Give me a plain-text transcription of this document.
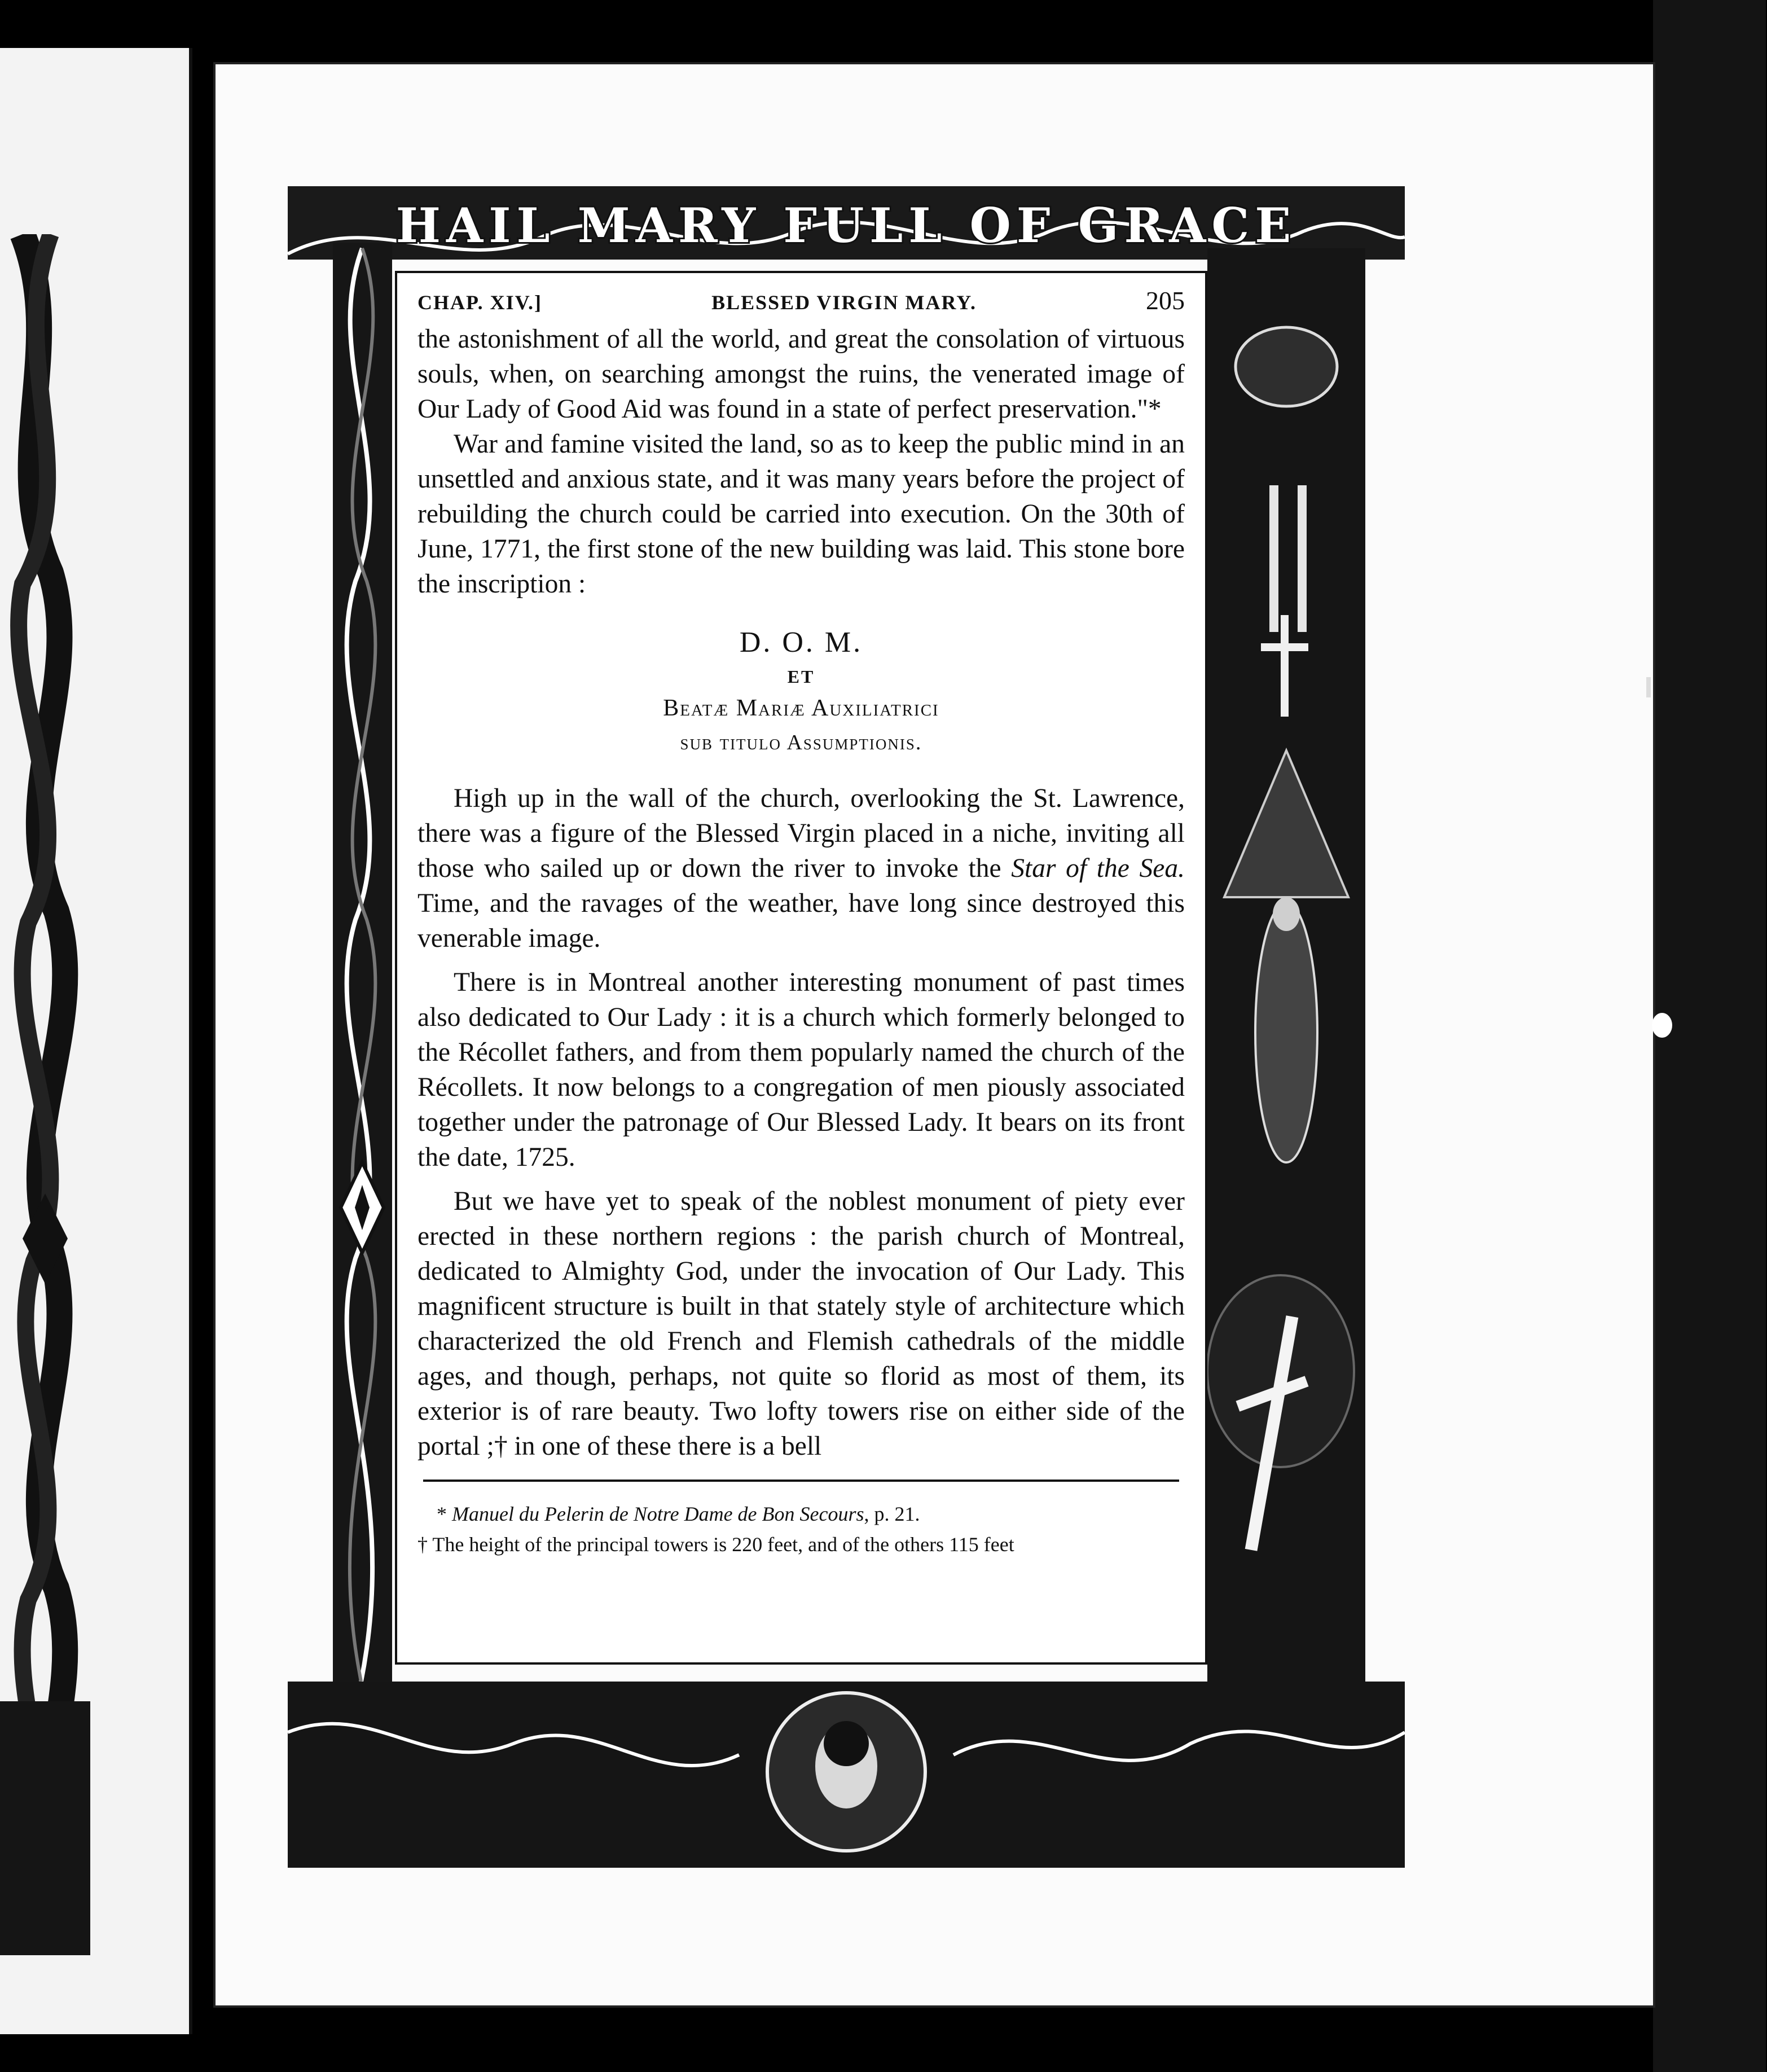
HAIL MARY FULL OF GRACE
CHAP. XIV.]	BLESSED VIRGIN MARY.	205

the astonishment of all the world, and great the consolation of virtuous souls, when, on searching amongst the ruins, the venerated image of Our Lady of Good Aid was found in a state of perfect preservation."*

War and famine visited the land, so as to keep the public mind in an unsettled and anxious state, and it was many years before the project of rebuilding the church could be carried into execution. On the 30th of June, 1771, the first stone of the new building was laid. This stone bore the inscription :

D. O. M.
ET
Beatæ Mariæ Auxiliatrici
sub titulo Assumptionis.

High up in the wall of the church, overlooking the St. Lawrence, there was a figure of the Blessed Virgin placed in a niche, inviting all those who sailed up or down the river to invoke the Star of the Sea. Time, and the ravages of the weather, have long since destroyed this venerable image.

There is in Montreal another interesting monument of past times also dedicated to Our Lady : it is a church which formerly belonged to the Récollet fathers, and from them popularly named the church of the Récollets. It now belongs to a congregation of men piously associated together under the patronage of Our Blessed Lady. It bears on its front the date, 1725.

But we have yet to speak of the noblest monument of piety ever erected in these northern regions : the parish church of Montreal, dedicated to Almighty God, under the invocation of Our Lady. This magnificent structure is built in that stately style of architecture which characterized the old French and Flemish cathedrals of the middle ages, and though, perhaps, not quite so florid as most of them, its exterior is of rare beauty. Two lofty towers rise on either side of the portal ;† in one of these there is a bell

* Manuel du Pelerin de Notre Dame de Bon Secours, p. 21.

† The height of the principal towers is 220 feet, and of the others 115 feet
